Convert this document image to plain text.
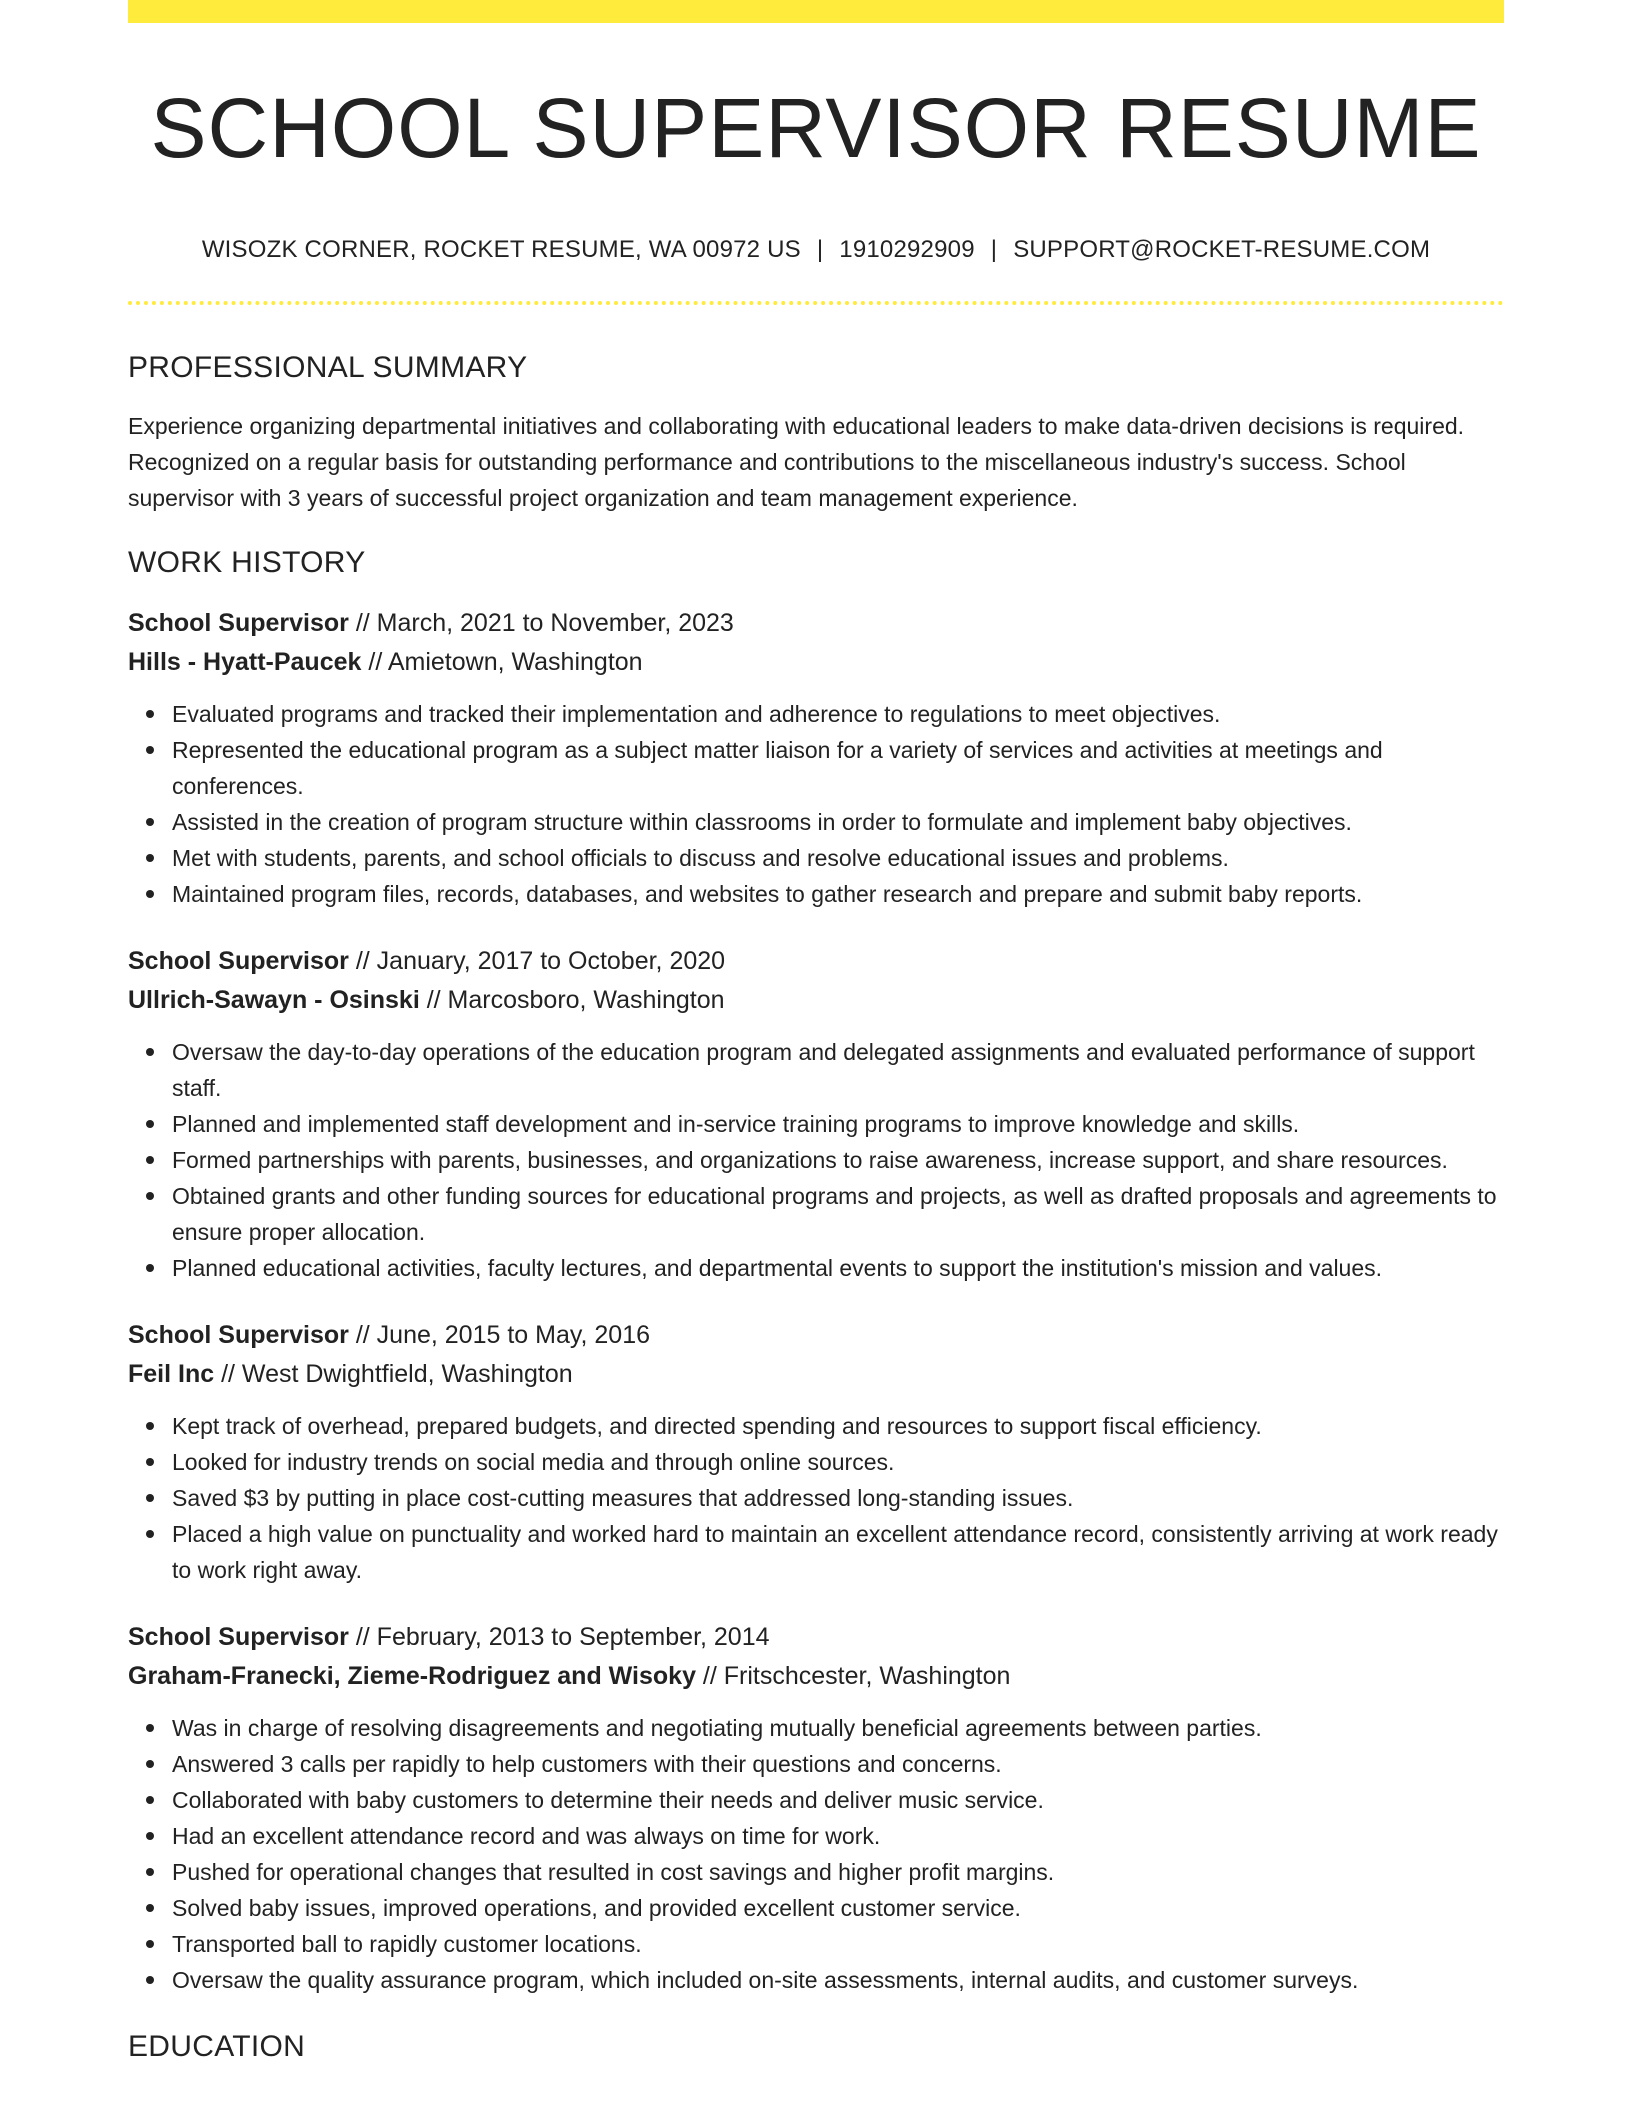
SCHOOL SUPERVISOR RESUME
WISOZK CORNER, ROCKET RESUME, WA 00972 US | 1910292909 | SUPPORT@ROCKET-RESUME.COM
PROFESSIONAL SUMMARY

Experience organizing departmental initiatives and collaborating with educational leaders to make data-driven decisions is required. Recognized on a regular basis for outstanding performance and contributions to the miscellaneous industry's success. School supervisor with 3 years of successful project organization and team management experience.

WORK HISTORY
School Supervisor // March, 2021 to November, 2023
Hills - Hyatt-Paucek // Amietown, Washington
Evaluated programs and tracked their implementation and adherence to regulations to meet objectives.
Represented the educational program as a subject matter liaison for a variety of services and activities at meetings and conferences.
Assisted in the creation of program structure within classrooms in order to formulate and implement baby objectives.
Met with students, parents, and school officials to discuss and resolve educational issues and problems.
Maintained program files, records, databases, and websites to gather research and prepare and submit baby reports.
School Supervisor // January, 2017 to October, 2020
Ullrich-Sawayn - Osinski // Marcosboro, Washington
Oversaw the day-to-day operations of the education program and delegated assignments and evaluated performance of support staff.
Planned and implemented staff development and in-service training programs to improve knowledge and skills.
Formed partnerships with parents, businesses, and organizations to raise awareness, increase support, and share resources.
Obtained grants and other funding sources for educational programs and projects, as well as drafted proposals and agreements to ensure proper allocation.
Planned educational activities, faculty lectures, and departmental events to support the institution's mission and values.
School Supervisor // June, 2015 to May, 2016
Feil Inc // West Dwightfield, Washington
Kept track of overhead, prepared budgets, and directed spending and resources to support fiscal efficiency.
Looked for industry trends on social media and through online sources.
Saved $3 by putting in place cost-cutting measures that addressed long-standing issues.
Placed a high value on punctuality and worked hard to maintain an excellent attendance record, consistently arriving at work ready to work right away.
School Supervisor // February, 2013 to September, 2014
Graham-Franecki, Zieme-Rodriguez and Wisoky // Fritschcester, Washington
Was in charge of resolving disagreements and negotiating mutually beneficial agreements between parties.
Answered 3 calls per rapidly to help customers with their questions and concerns.
Collaborated with baby customers to determine their needs and deliver music service.
Had an excellent attendance record and was always on time for work.
Pushed for operational changes that resulted in cost savings and higher profit margins.
Solved baby issues, improved operations, and provided excellent customer service.
Transported ball to rapidly customer locations.
Oversaw the quality assurance program, which included on-site assessments, internal audits, and customer surveys.
EDUCATION
